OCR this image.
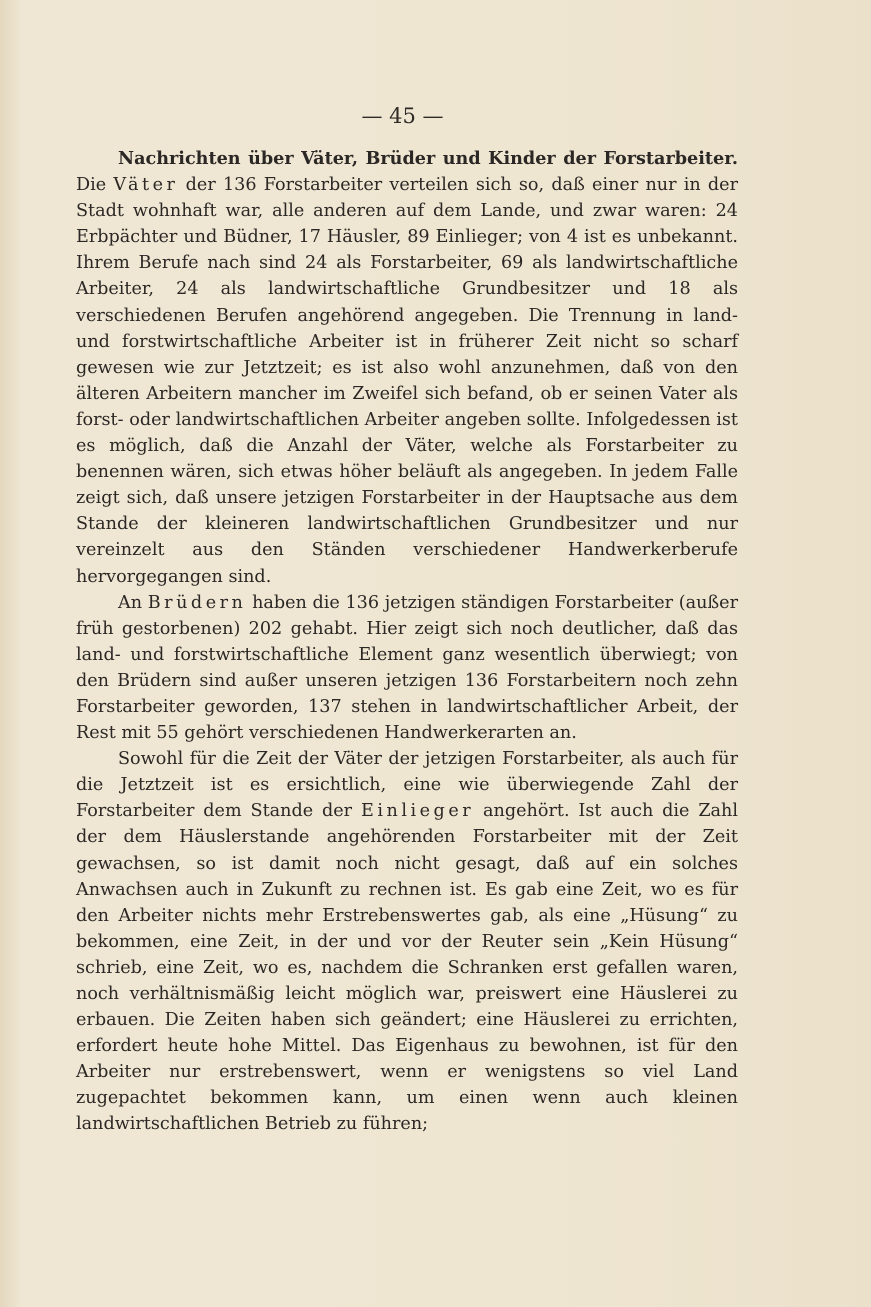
— 45 —

Nachrichten über Väter, Brüder und Kinder der Forstarbeiter. Die Väter der 136 Forstarbeiter verteilen sich so, daß einer nur in der Stadt wohnhaft war, alle anderen auf dem Lande, und zwar waren: 24 Erbpächter und Büdner, 17 Häusler, 89 Einlieger; von 4 ist es unbekannt. Ihrem Berufe nach sind 24 als Forstarbeiter, 69 als landwirtschaftliche Arbeiter, 24 als landwirtschaftliche Grundbesitzer und 18 als verschiedenen Berufen angehörend angegeben. Die Trennung in land- und forstwirtschaftliche Arbeiter ist in früherer Zeit nicht so scharf gewesen wie zur Jetztzeit; es ist also wohl anzunehmen, daß von den älteren Arbeitern mancher im Zweifel sich befand, ob er seinen Vater als forst- oder landwirtschaftlichen Arbeiter angeben sollte. Infolgedessen ist es möglich, daß die Anzahl der Väter, welche als Forstarbeiter zu benennen wären, sich etwas höher beläuft als angegeben. In jedem Falle zeigt sich, daß unsere jetzigen Forstarbeiter in der Hauptsache aus dem Stande der kleineren landwirtschaftlichen Grundbesitzer und nur vereinzelt aus den Ständen verschiedener Handwerkerberufe hervorgegangen sind.

An Brüdern haben die 136 jetzigen ständigen Forstarbeiter (außer früh gestorbenen) 202 gehabt. Hier zeigt sich noch deutlicher, daß das land- und forstwirtschaftliche Element ganz wesentlich überwiegt; von den Brüdern sind außer unseren jetzigen 136 Forstarbeitern noch zehn Forstarbeiter geworden, 137 stehen in landwirtschaftlicher Arbeit, der Rest mit 55 gehört verschiedenen Handwerkerarten an.

Sowohl für die Zeit der Väter der jetzigen Forstarbeiter, als auch für die Jetztzeit ist es ersichtlich, eine wie überwiegende Zahl der Forstarbeiter dem Stande der Einlieger angehört. Ist auch die Zahl der dem Häuslerstande angehörenden Forstarbeiter mit der Zeit gewachsen, so ist damit noch nicht gesagt, daß auf ein solches Anwachsen auch in Zukunft zu rechnen ist. Es gab eine Zeit, wo es für den Arbeiter nichts mehr Erstrebenswertes gab, als eine „Hüsung“ zu bekommen, eine Zeit, in der und vor der Reuter sein „Kein Hüsung“ schrieb, eine Zeit, wo es, nachdem die Schranken erst gefallen waren, noch verhältnismäßig leicht möglich war, preiswert eine Häuslerei zu erbauen. Die Zeiten haben sich geändert; eine Häuslerei zu errichten, erfordert heute hohe Mittel. Das Eigenhaus zu bewohnen, ist für den Arbeiter nur erstrebenswert, wenn er wenigstens so viel Land zugepachtet bekommen kann, um einen wenn auch kleinen landwirtschaftlichen Betrieb zu führen;
